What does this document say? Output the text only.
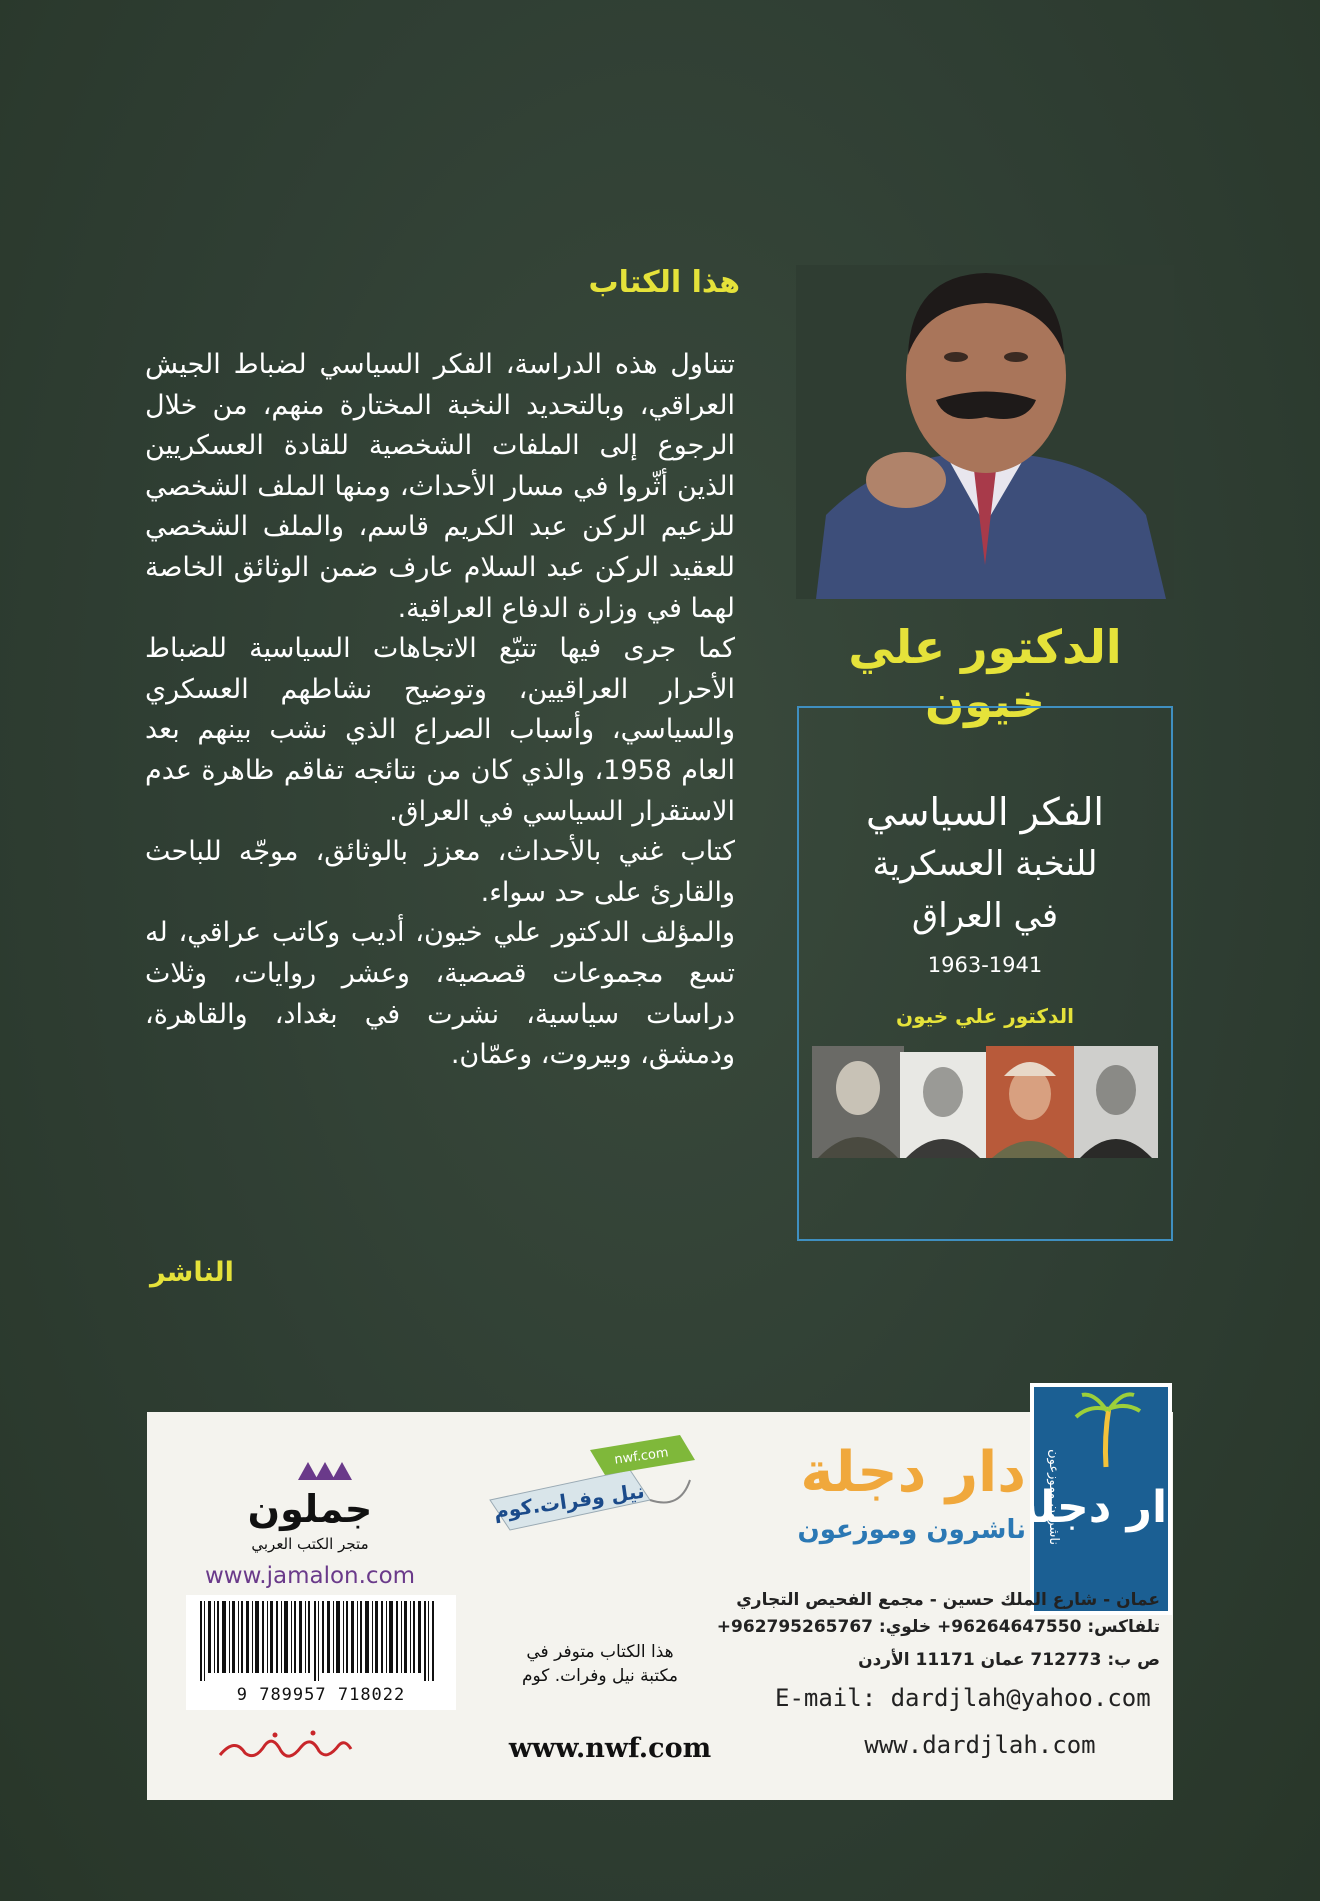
هذا الكتاب

تتناول هذه الدراسة، الفكر السياسي لضباط الجيش العراقي، وبالتحديد النخبة المختارة منهم، من خلال الرجوع إلى الملفات الشخصية للقادة العسكريين الذين أثّروا في مسار الأحداث، ومنها الملف الشخصي للزعيم الركن عبد الكريم قاسم، والملف الشخصي للعقيد الركن عبد السلام عارف ضمن الوثائق الخاصة لهما في وزارة الدفاع العراقية.

كما جرى فيها تتبّع الاتجاهات السياسية للضباط الأحرار العراقيين، وتوضيح نشاطهم العسكري والسياسي، وأسباب الصراع الذي نشب بينهم بعد العام 1958، والذي كان من نتائجه تفاقم ظاهرة عدم الاستقرار السياسي في العراق.

كتاب غني بالأحداث، معزز بالوثائق، موجّه للباحث والقارئ على حد سواء.

والمؤلف الدكتور علي خيون، أديب وكاتب عراقي، له تسع مجموعات قصصية، وعشر روايات، وثلاث دراسات سياسية، نشرت في بغداد، والقاهرة، ودمشق، وبيروت، وعمّان.

الناشر
الدكتور علي خيون
الفكر السياسي
للنخبة العسكرية
في العراق
1963-1941
الدكتور علي خيون
ار دجل
ناشرون وموزعون
دار دجلة
ناشرون وموزعون
عمان - شارع الملك حسين - مجمع الفحيص التجاري
تلفاكس: 96264647550+ خلوي: 962795265767+
ص ب: 712773 عمان 11171 الأردن
E-mail: dardjlah@yahoo.com
www.dardjlah.com
نيل وفرات.كوم
nwf.com
هذا الكتاب متوفر في
مكتبة نيل وفرات. كوم
www.nwf.com
جملون
متجر الكتب العربي
www.jamalon.com
9 789957 718022
